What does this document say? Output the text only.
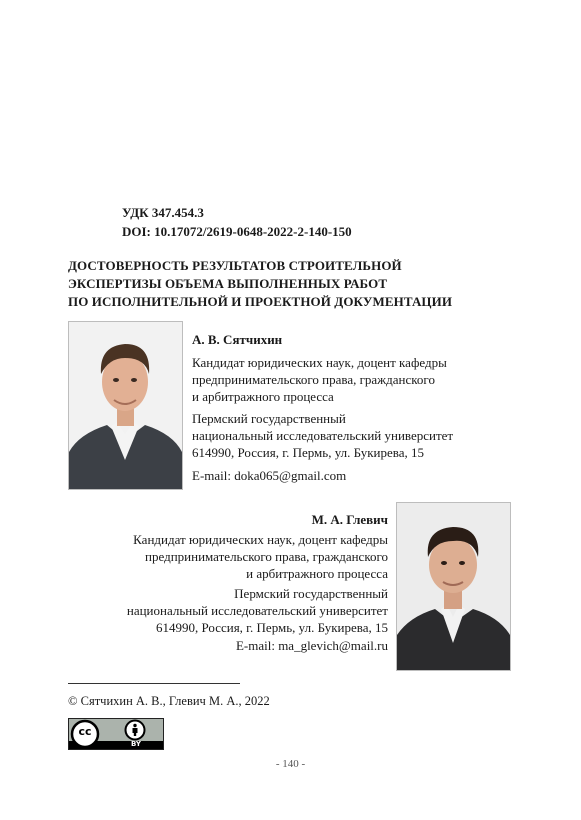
УДК 347.454.3
DOI: 10.17072/2619-0648-2022-2-140-150
ДОСТОВЕРНОСТЬ РЕЗУЛЬТАТОВ СТРОИТЕЛЬНОЙ
ЭКСПЕРТИЗЫ ОБЪЕМА ВЫПОЛНЕННЫХ РАБОТ
ПО ИСПОЛНИТЕЛЬНОЙ И ПРОЕКТНОЙ ДОКУМЕНТАЦИИ
А. В. Сятчихин
Кандидат юридических наук, доцент кафедры
предпринимательского права, гражданского
и арбитражного процесса
Пермский государственный
национальный исследовательский университет
614990, Россия, г. Пермь, ул. Букирева, 15
E-mail: doka065@gmail.com
М. А. Глевич
Кандидат юридических наук, доцент кафедры
предпринимательского права, гражданского
и арбитражного процесса
Пермский государственный
национальный исследовательский университет
614990, Россия, г. Пермь, ул. Букирева, 15
E-mail: ma_glevich@mail.ru
© Сятчихин А. В., Глевич М. А., 2022
cc
BY
- 140 -
